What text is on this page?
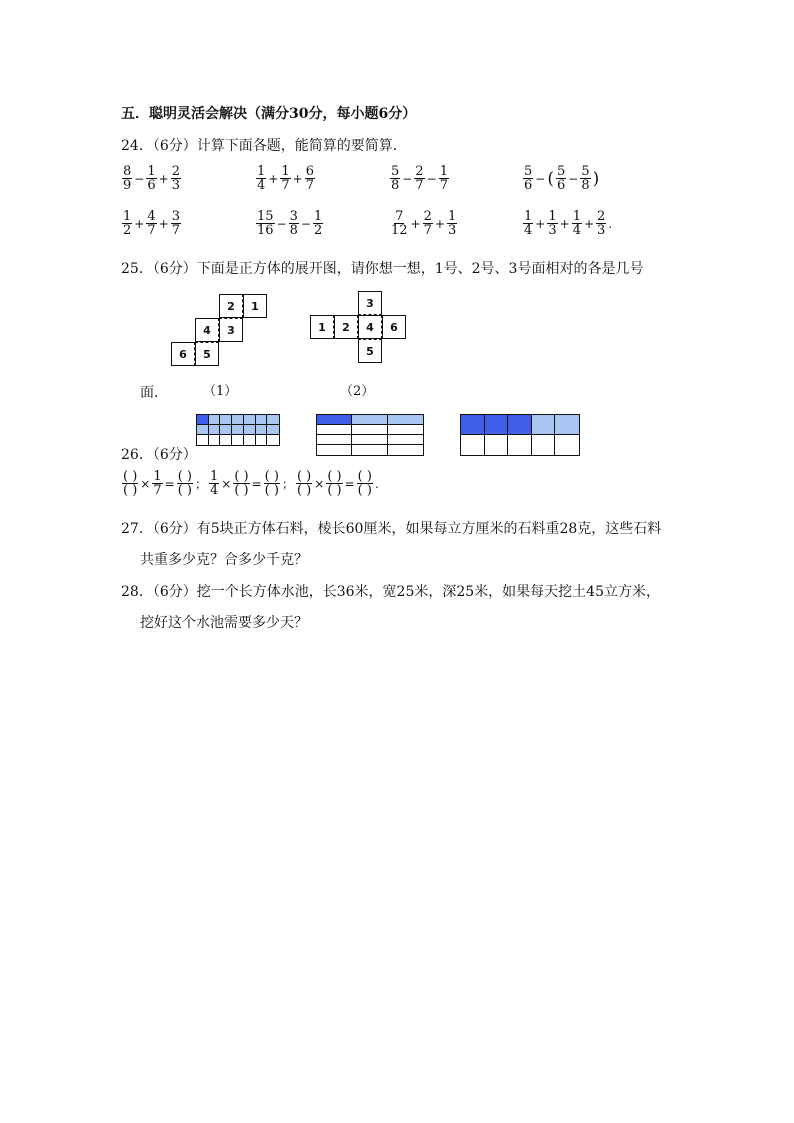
五．聪明灵活会解决（满分30分，每小题6分）
24．（6分）计算下面各题，能简算的要简算．
$\frac{8}{9} - \frac{1}{6} + \frac{2}{3}$	$\frac{1}{4} + \frac{1}{7} + \frac{6}{7}$	$\frac{5}{8} - \frac{2}{7} - \frac{1}{7}$	$\frac{5}{6}$ − ( $\frac{5}{6} - \frac{5}{8}$ )
$\frac{1}{2} + \frac{4}{7} + \frac{3}{7}$	$\frac{15}{16} - \frac{3}{8} - \frac{1}{2}$	$\frac{7}{12} + \frac{2}{7} + \frac{1}{3}$	$\frac{1}{4} + \frac{1}{3} + \frac{1}{4} + \frac{2}{3}$ .
25．（6分）下面是正方体的展开图，请你想一想，1号、2号、3号面相对的各是几号
2	1
4	3
6	5
3
1	2	4	6
5
面．	（1）	（2）
26．（6分）
$\frac{( )}{( )} \times \frac{1}{7} = \frac{( )}{( )}$ ； $\frac{1}{4} \times \frac{( )}{( )} = \frac{( )}{( )}$ ； $\frac{( )}{( )} \times \frac{( )}{( )} = \frac{( )}{( )}$ .
27．（6分）有5块正方体石料，棱长60厘米，如果每立方厘米的石料重28克，这些石料
共重多少克？合多少千克？
28．（6分）挖一个长方体水池，长36米，宽25米，深25米，如果每天挖土45立方米，
挖好这个水池需要多少天？
